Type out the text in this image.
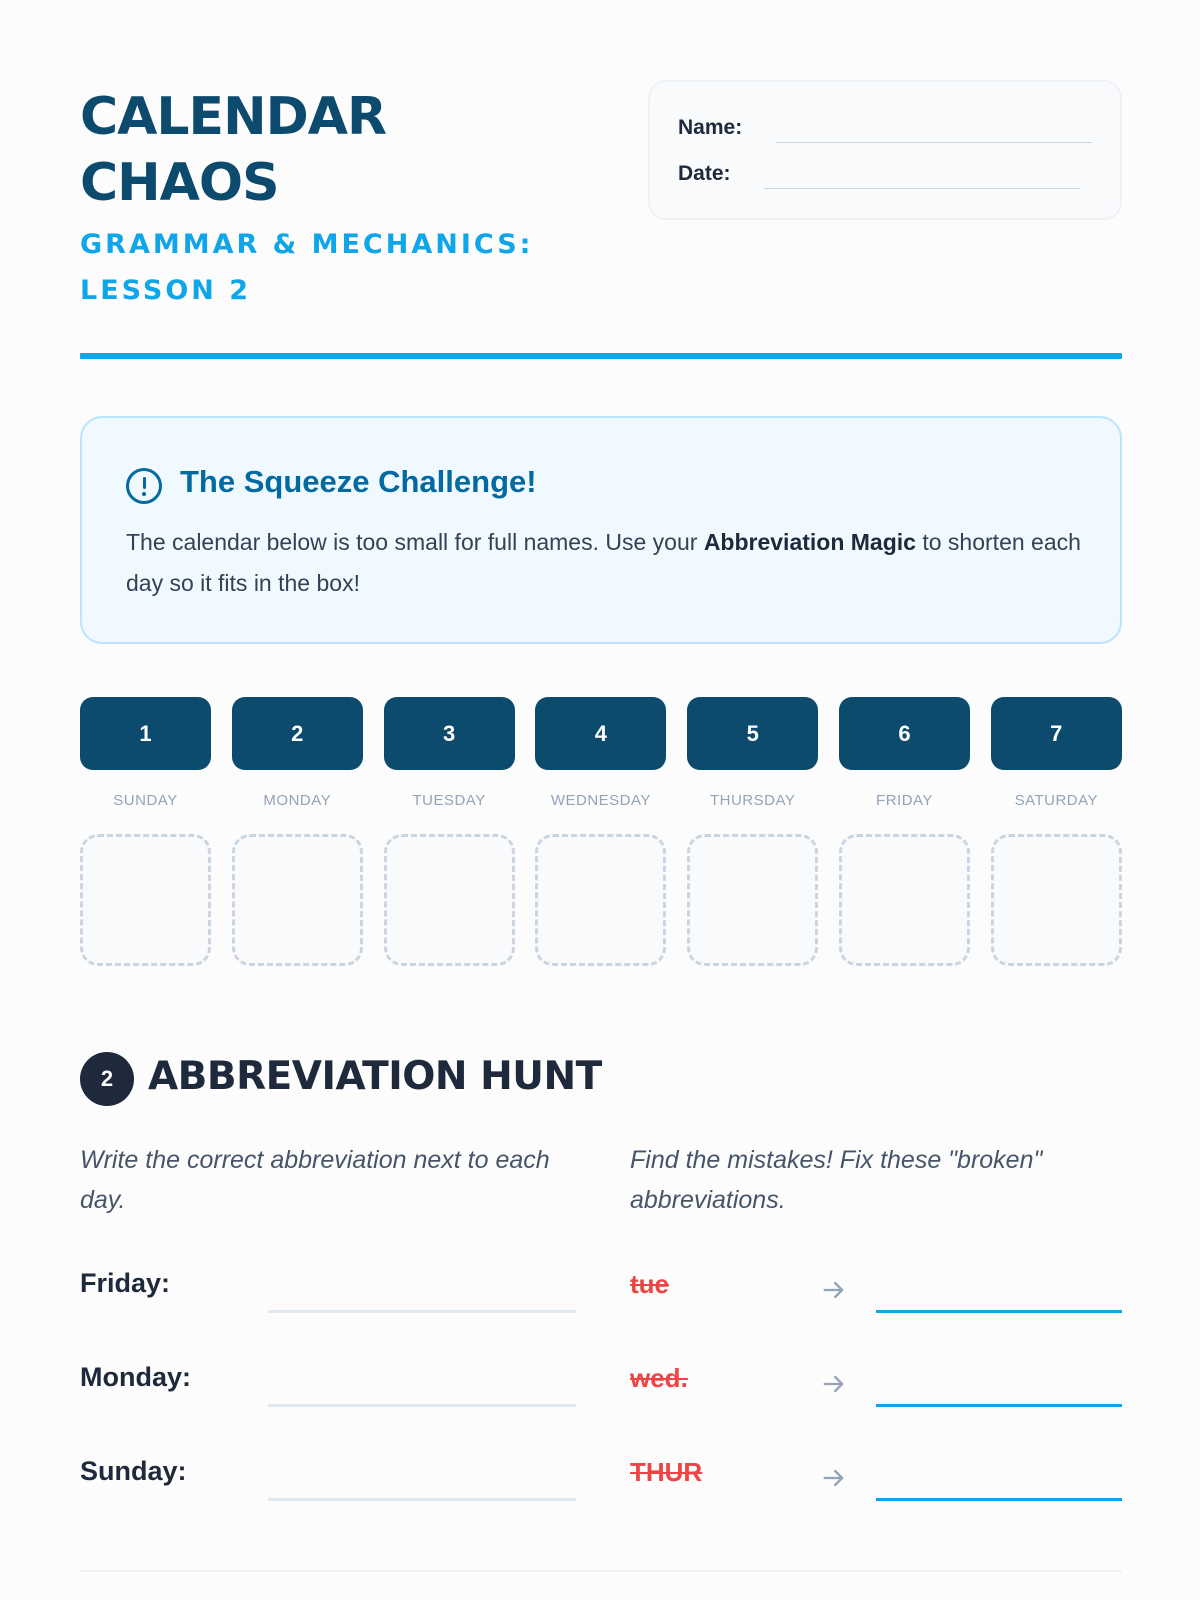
CALENDAR
CHAOS
GRAMMAR & MECHANICS:
LESSON 2
Name:
Date:
The Squeeze Challenge!

The calendar below is too small for full names. Use your Abbreviation Magic to shorten each day so it fits in the box!

1
SUNDAY
2
MONDAY
3
TUESDAY
4
WEDNESDAY
5
THURSDAY
6
FRIDAY
7
SATURDAY
2 ABBREVIATION HUNT

Write the correct abbreviation next to each day.

Find the mistakes! Fix these "broken" abbreviations.

Friday:
Monday:
Sunday:
tue
wed.
THUR
